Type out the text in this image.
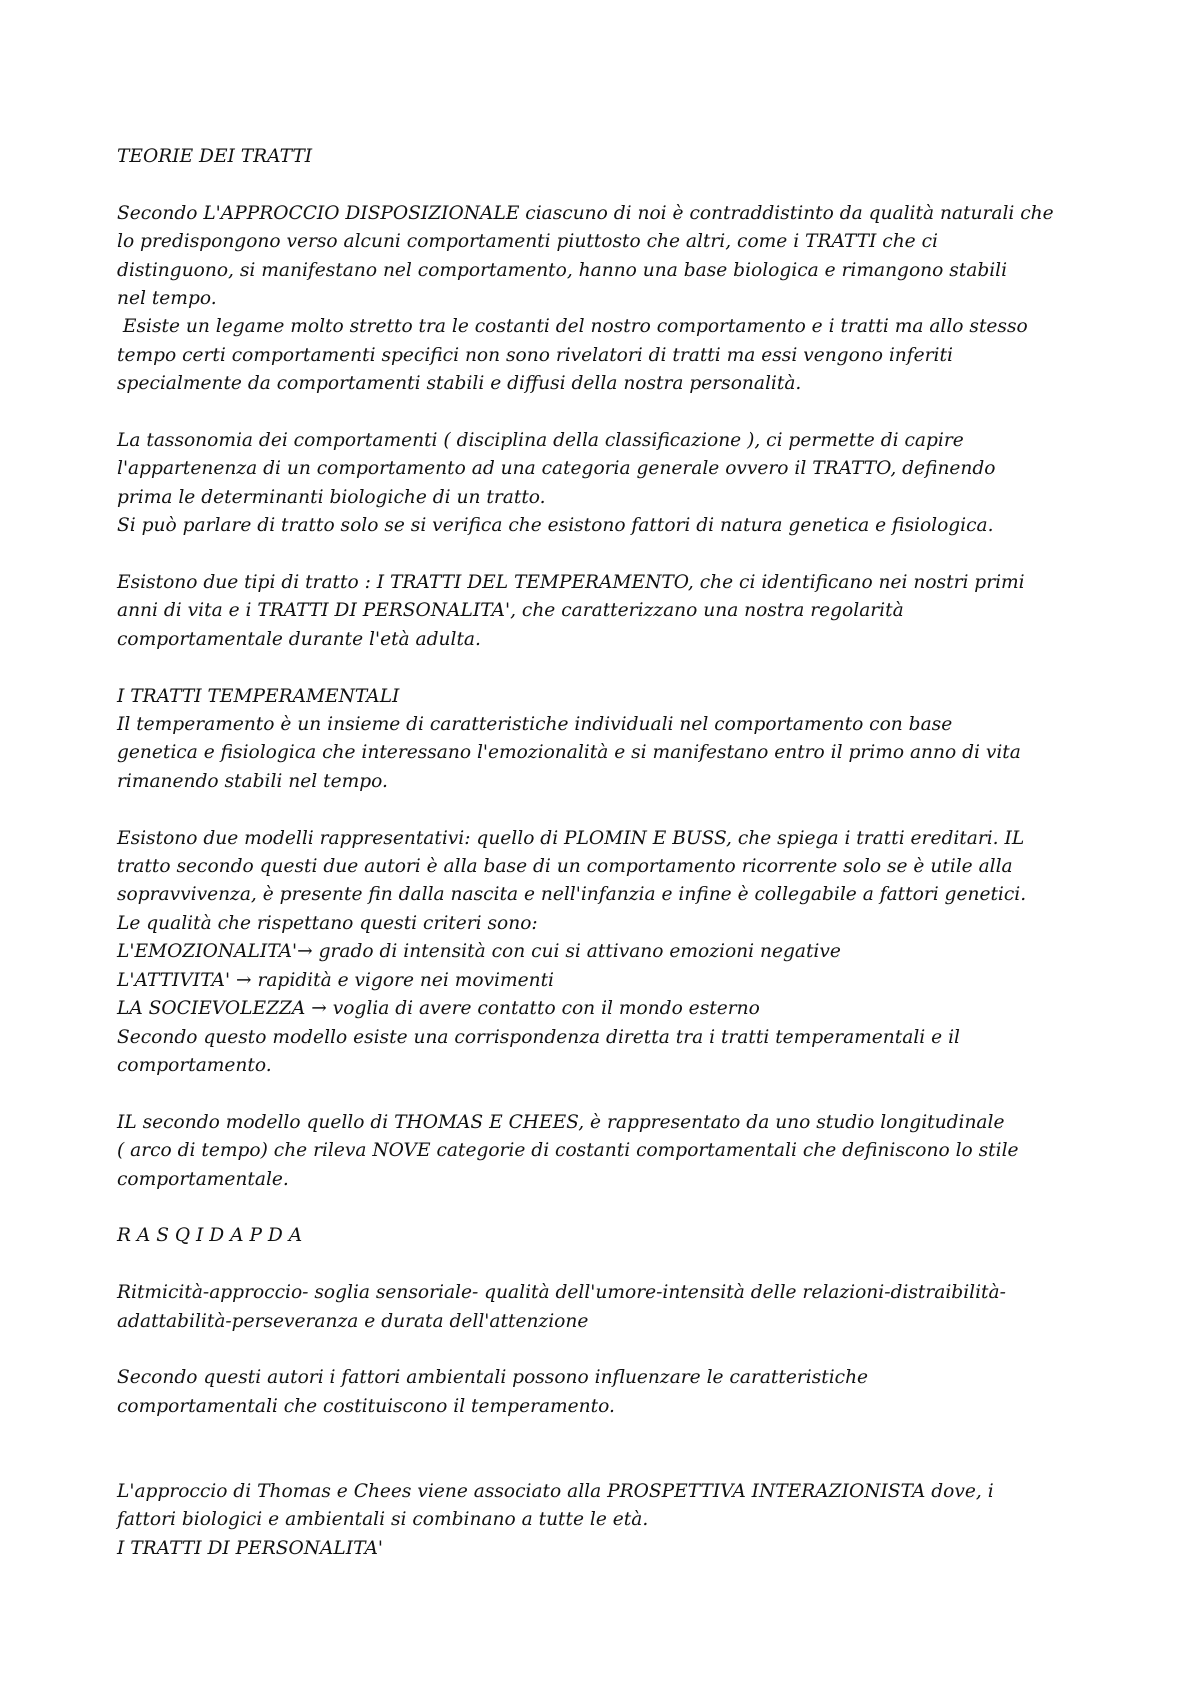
TEORIE DEI TRATTI
Secondo L'APPROCCIO DISPOSIZIONALE ciascuno di noi è contraddistinto da qualità naturali che
lo predispongono verso alcuni comportamenti piuttosto che altri, come i TRATTI che ci
distinguono, si manifestano nel comportamento, hanno una base biologica e rimangono stabili
nel tempo.
Esiste un legame molto stretto tra le costanti del nostro comportamento e i tratti ma allo stesso
tempo certi comportamenti specifici non sono rivelatori di tratti ma essi vengono inferiti
specialmente da comportamenti stabili e diffusi della nostra personalità.
La tassonomia dei comportamenti ( disciplina della classificazione ), ci permette di capire
l'appartenenza di un comportamento ad una categoria generale ovvero il TRATTO, definendo
prima le determinanti biologiche di un tratto.
Si può parlare di tratto solo se si verifica che esistono fattori di natura genetica e fisiologica.
Esistono due tipi di tratto : I TRATTI DEL TEMPERAMENTO, che ci identificano nei nostri primi
anni di vita e i TRATTI DI PERSONALITA', che caratterizzano una nostra regolarità
comportamentale durante l'età adulta.
I TRATTI TEMPERAMENTALI
Il temperamento è un insieme di caratteristiche individuali nel comportamento con base
genetica e fisiologica che interessano l'emozionalità e si manifestano entro il primo anno di vita
rimanendo stabili nel tempo.
Esistono due modelli rappresentativi: quello di PLOMIN E BUSS, che spiega i tratti ereditari. IL
tratto secondo questi due autori è alla base di un comportamento ricorrente solo se è utile alla
sopravvivenza, è presente fin dalla nascita e nell'infanzia e infine è collegabile a fattori genetici.
Le qualità che rispettano questi criteri sono:
L'EMOZIONALITA'→ grado di intensità con cui si attivano emozioni negative
L'ATTIVITA' → rapidità e vigore nei movimenti
LA SOCIEVOLEZZA → voglia di avere contatto con il mondo esterno
Secondo questo modello esiste una corrispondenza diretta tra i tratti temperamentali e il
comportamento.
IL secondo modello quello di THOMAS E CHEES, è rappresentato da uno studio longitudinale
( arco di tempo) che rileva NOVE categorie di costanti comportamentali che definiscono lo stile
comportamentale.
R A S Q I D A P D A
Ritmicità-approccio- soglia sensoriale- qualità dell'umore-intensità delle relazioni-distraibilità-
adattabilità-perseveranza e durata dell'attenzione
Secondo questi autori i fattori ambientali possono influenzare le caratteristiche
comportamentali che costituiscono il temperamento.
L'approccio di Thomas e Chees viene associato alla PROSPETTIVA INTERAZIONISTA dove, i
fattori biologici e ambientali si combinano a tutte le età.
I TRATTI DI PERSONALITA'
